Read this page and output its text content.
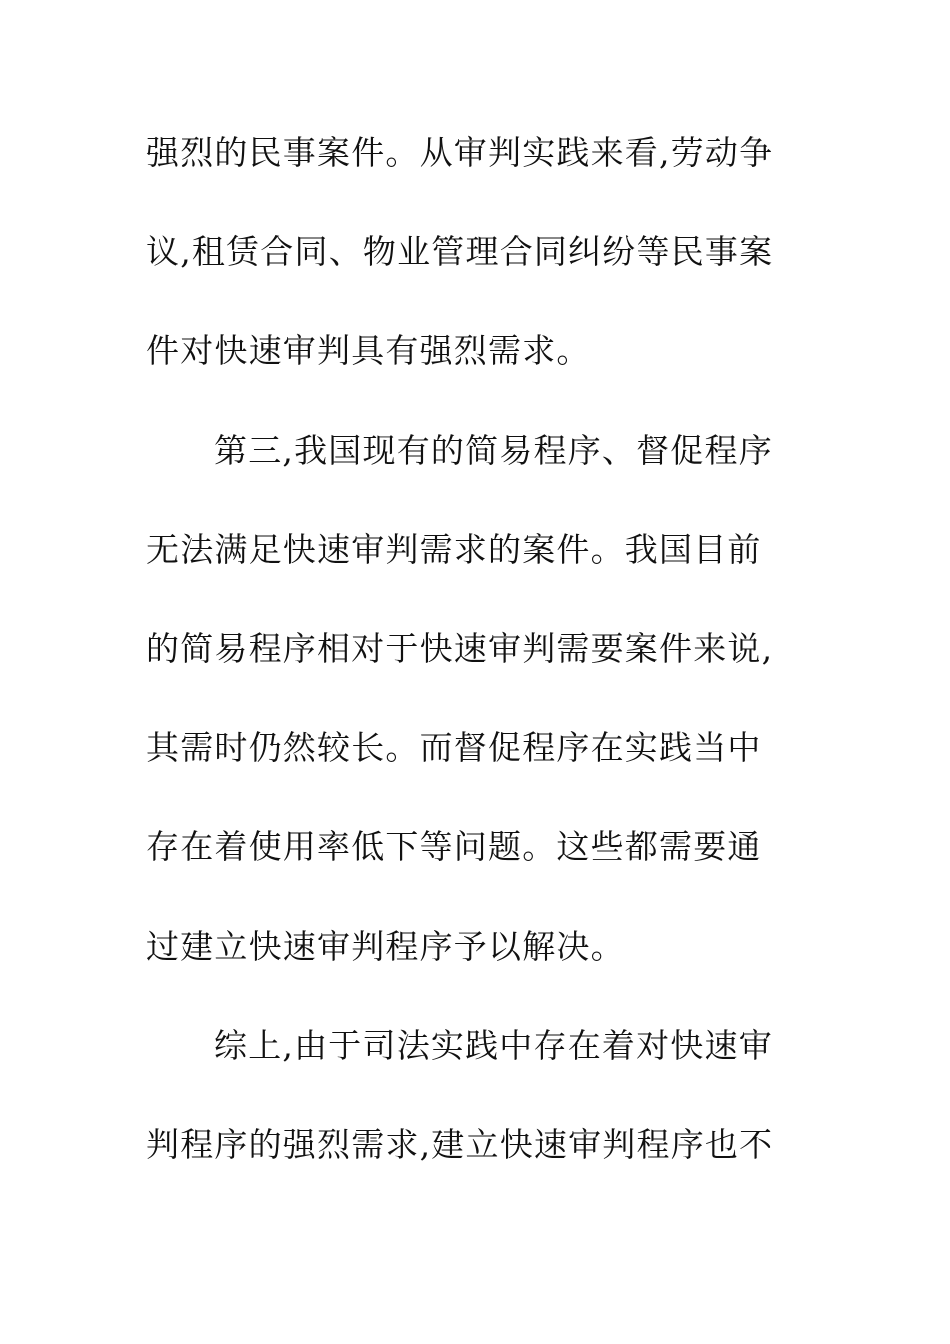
强烈的民事案件。从审判实践来看,劳动争
议,租赁合同、物业管理合同纠纷等民事案
件对快速审判具有强烈需求。
第三,我国现有的简易程序、督促程序
无法满足快速审判需求的案件。我国目前
的简易程序相对于快速审判需要案件来说,
其需时仍然较长。而督促程序在实践当中
存在着使用率低下等问题。这些都需要通
过建立快速审判程序予以解决。
综上,由于司法实践中存在着对快速审
判程序的强烈需求,建立快速审判程序也不
